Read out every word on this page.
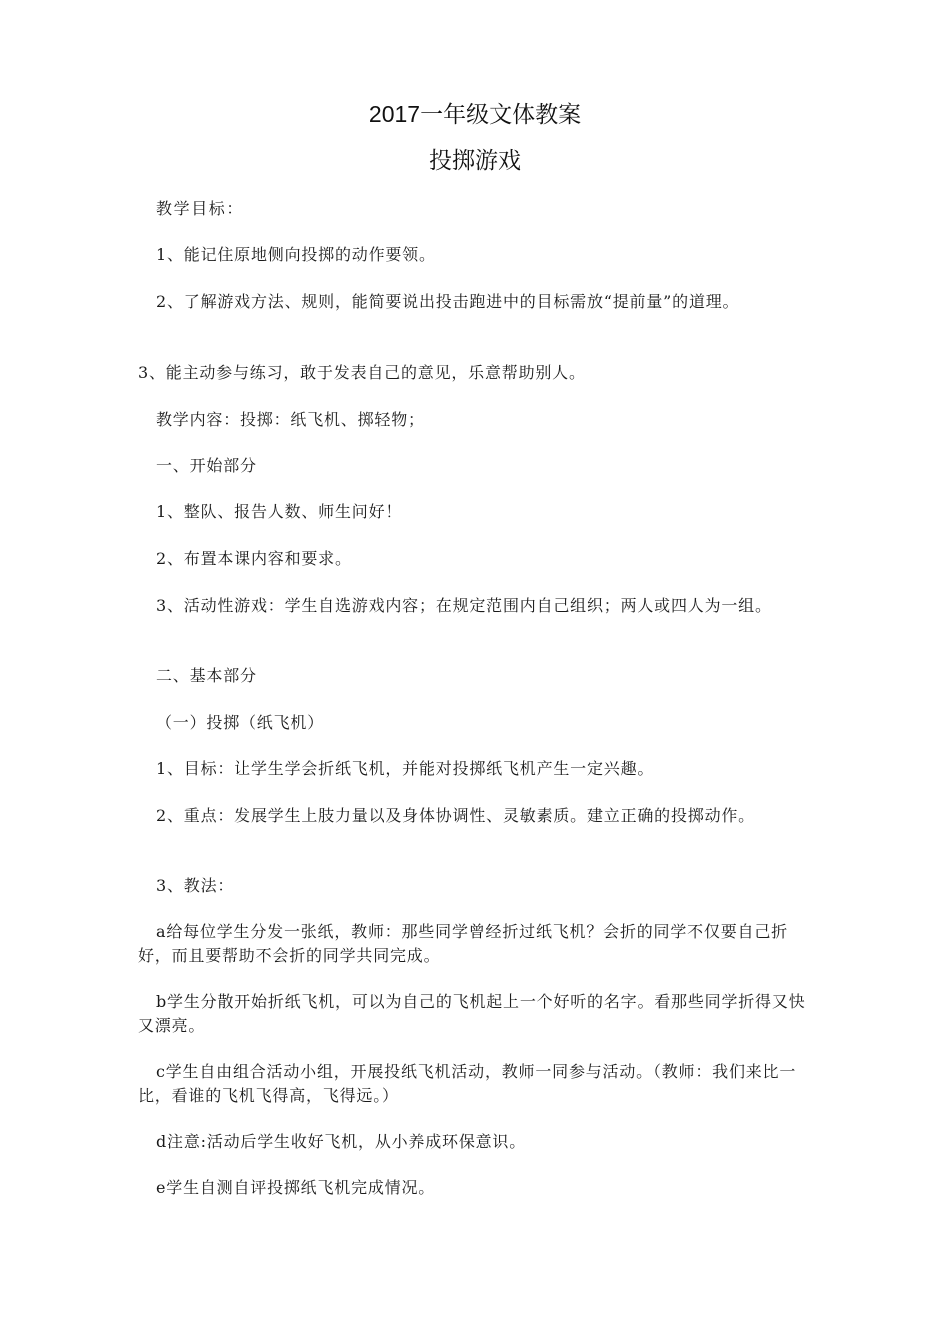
2017一年级文体教案
投掷游戏

教学目标：

1、能记住原地侧向投掷的动作要领。

2、了解游戏方法、规则，能简要说出投击跑进中的目标需放“提前量”的道理。

3、能主动参与练习，敢于发表自己的意见，乐意帮助别人。

教学内容：投掷：纸飞机、掷轻物；

一、开始部分

1、整队、报告人数、师生问好！

2、布置本课内容和要求。

3、活动性游戏：学生自选游戏内容；在规定范围内自己组织；两人或四人为一组。

二、基本部分

（一）投掷（纸飞机）

1、目标：让学生学会折纸飞机，并能对投掷纸飞机产生一定兴趣。

2、重点：发展学生上肢力量以及身体协调性、灵敏素质。建立正确的投掷动作。

3、教法：

a给每位学生分发一张纸，教师：那些同学曾经折过纸飞机？会折的同学不仅要自己折好，而且要帮助不会折的同学共同完成。

b学生分散开始折纸飞机，可以为自己的飞机起上一个好听的名字。看那些同学折得又快又漂亮。

c学生自由组合活动小组，开展投纸飞机活动，教师一同参与活动。（教师：我们来比一比，看谁的飞机飞得高，飞得远。）

d注意:活动后学生收好飞机，从小养成环保意识。

e学生自测自评投掷纸飞机完成情况。
